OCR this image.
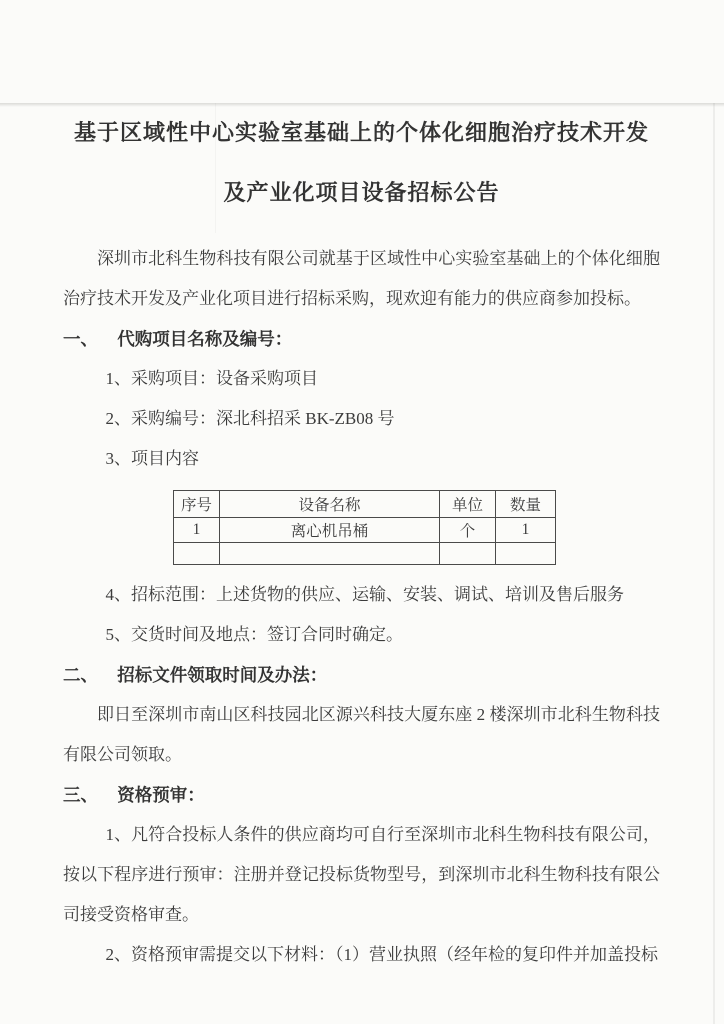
基于区域性中心实验室基础上的个体化细胞治疗技术开发
及产业化项目设备招标公告

深圳市北科生物科技有限公司就基于区域性中心实验室基础上的个体化细胞治疗技术开发及产业化项目进行招标采购，现欢迎有能力的供应商参加投标。

一、 代购项目名称及编号：

1、采购项目：设备采购项目

2、采购编号：深北科招采 BK-ZB08 号

3、项目内容

序号	设备名称	单位	数量
1	离心机吊桶	个	1

4、招标范围：上述货物的供应、运输、安装、调试、培训及售后服务

5、交货时间及地点：签订合同时确定。

二、 招标文件领取时间及办法：

即日至深圳市南山区科技园北区源兴科技大厦东座 2 楼深圳市北科生物科技有限公司领取。

三、 资格预审：

1、凡符合投标人条件的供应商均可自行至深圳市北科生物科技有限公司，按以下程序进行预审：注册并登记投标货物型号，到深圳市北科生物科技有限公司接受资格审查。

2、资格预审需提交以下材料：（1）营业执照（经年检的复印件并加盖投标
